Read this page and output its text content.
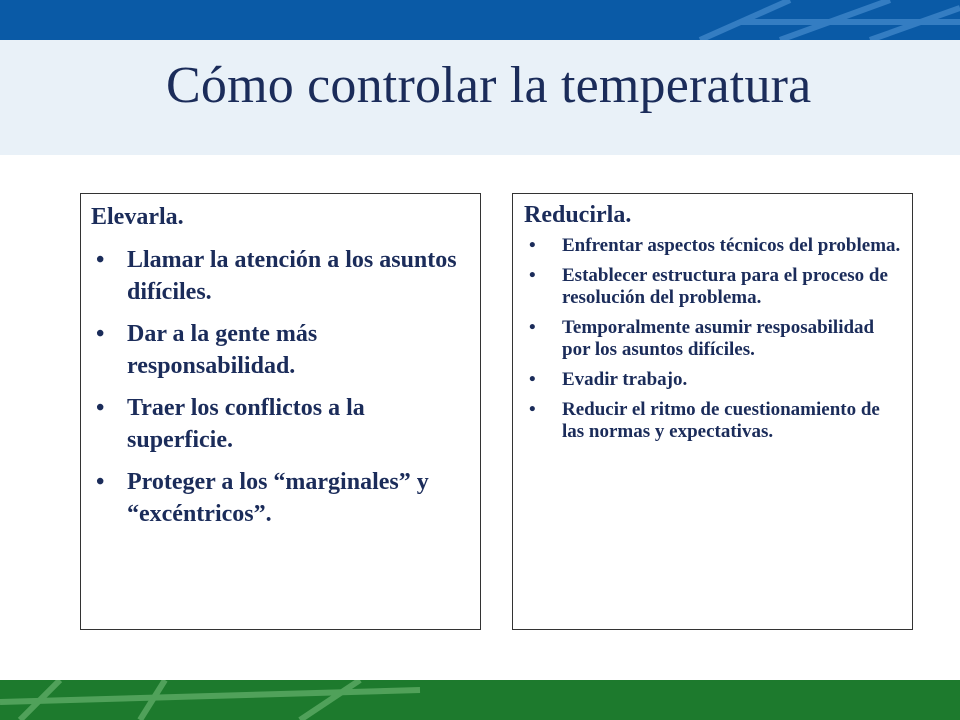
Cómo controlar la temperatura
Elevarla.
• Llamar la atención a los asuntos difíciles.
• Dar a la gente más responsabilidad.
• Traer los conflictos a la superficie.
• Proteger a los “marginales” y “excéntricos”.
Reducirla.
• Enfrentar aspectos técnicos del problema.
• Establecer estructura para el proceso de resolución del problema.
• Temporalmente asumir resposabilidad por los asuntos difíciles.
• Evadir trabajo.
• Reducir el ritmo de cuestionamiento de las normas y expectativas.
